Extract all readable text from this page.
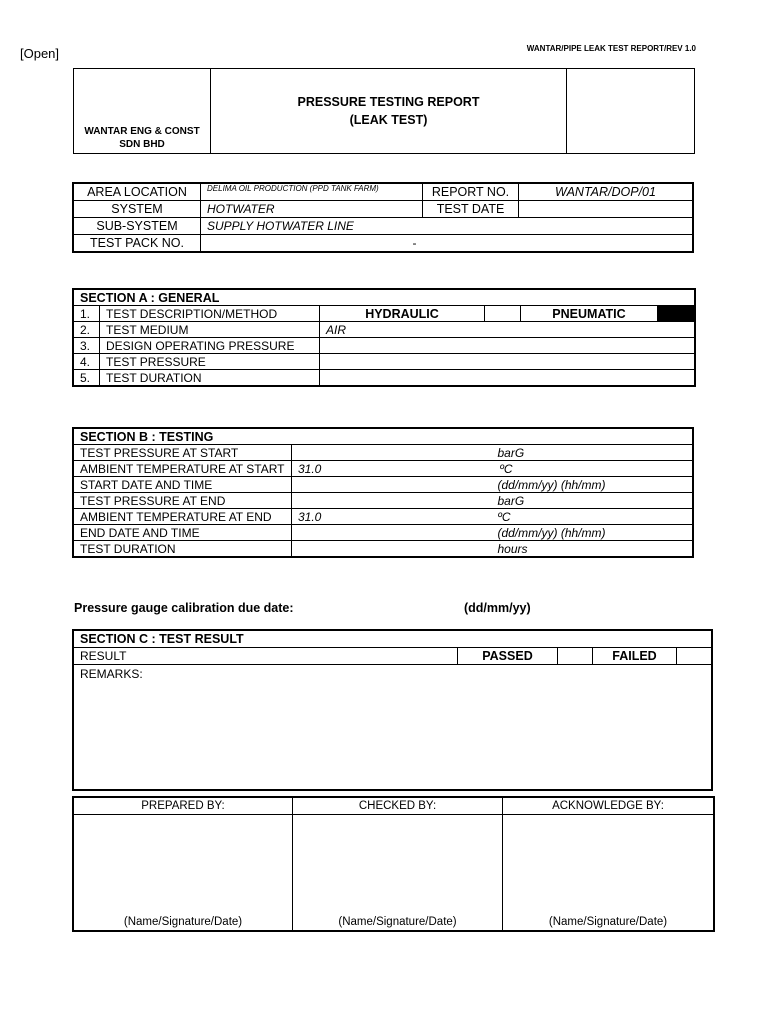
[Open]	WANTAR/PIPE LEAK TEST REPORT/REV 1.0
WANTAR ENG & CONST
SDN BHD

PRESSURE TESTING REPORT
(LEAK TEST)

AREA LOCATION	DELIMA OIL PRODUCTION (PPD TANK FARM)	REPORT NO.	WANTAR/DOP/01
SYSTEM	HOTWATER	TEST DATE	
SUB-SYSTEM	SUPPLY HOTWATER LINE		
TEST PACK NO.	-		
SECTION A : GENERAL					
1.	TEST DESCRIPTION/METHOD	HYDRAULIC		PNEUMATIC	
2.	TEST MEDIUM	AIR			
3.	DESIGN OPERATING PRESSURE				
4.	TEST PRESSURE				
5.	TEST DURATION				
SECTION B : TESTING		
TEST PRESSURE AT START		barG
AMBIENT TEMPERATURE AT START	31.0	ºC
START DATE AND TIME		(dd/mm/yy) (hh/mm)
TEST PRESSURE AT END		barG
AMBIENT TEMPERATURE AT END	31.0	ºC
END DATE AND TIME		(dd/mm/yy) (hh/mm)
TEST DURATION		hours
Pressure gauge calibration due date:	(dd/mm/yy)
SECTION C : TEST RESULT
RESULT	PASSED		FAILED	
REMARKS:
PREPARED BY:	CHECKED BY:	ACKNOWLEDGE BY:
(Name/Signature/Date)	(Name/Signature/Date)	(Name/Signature/Date)
